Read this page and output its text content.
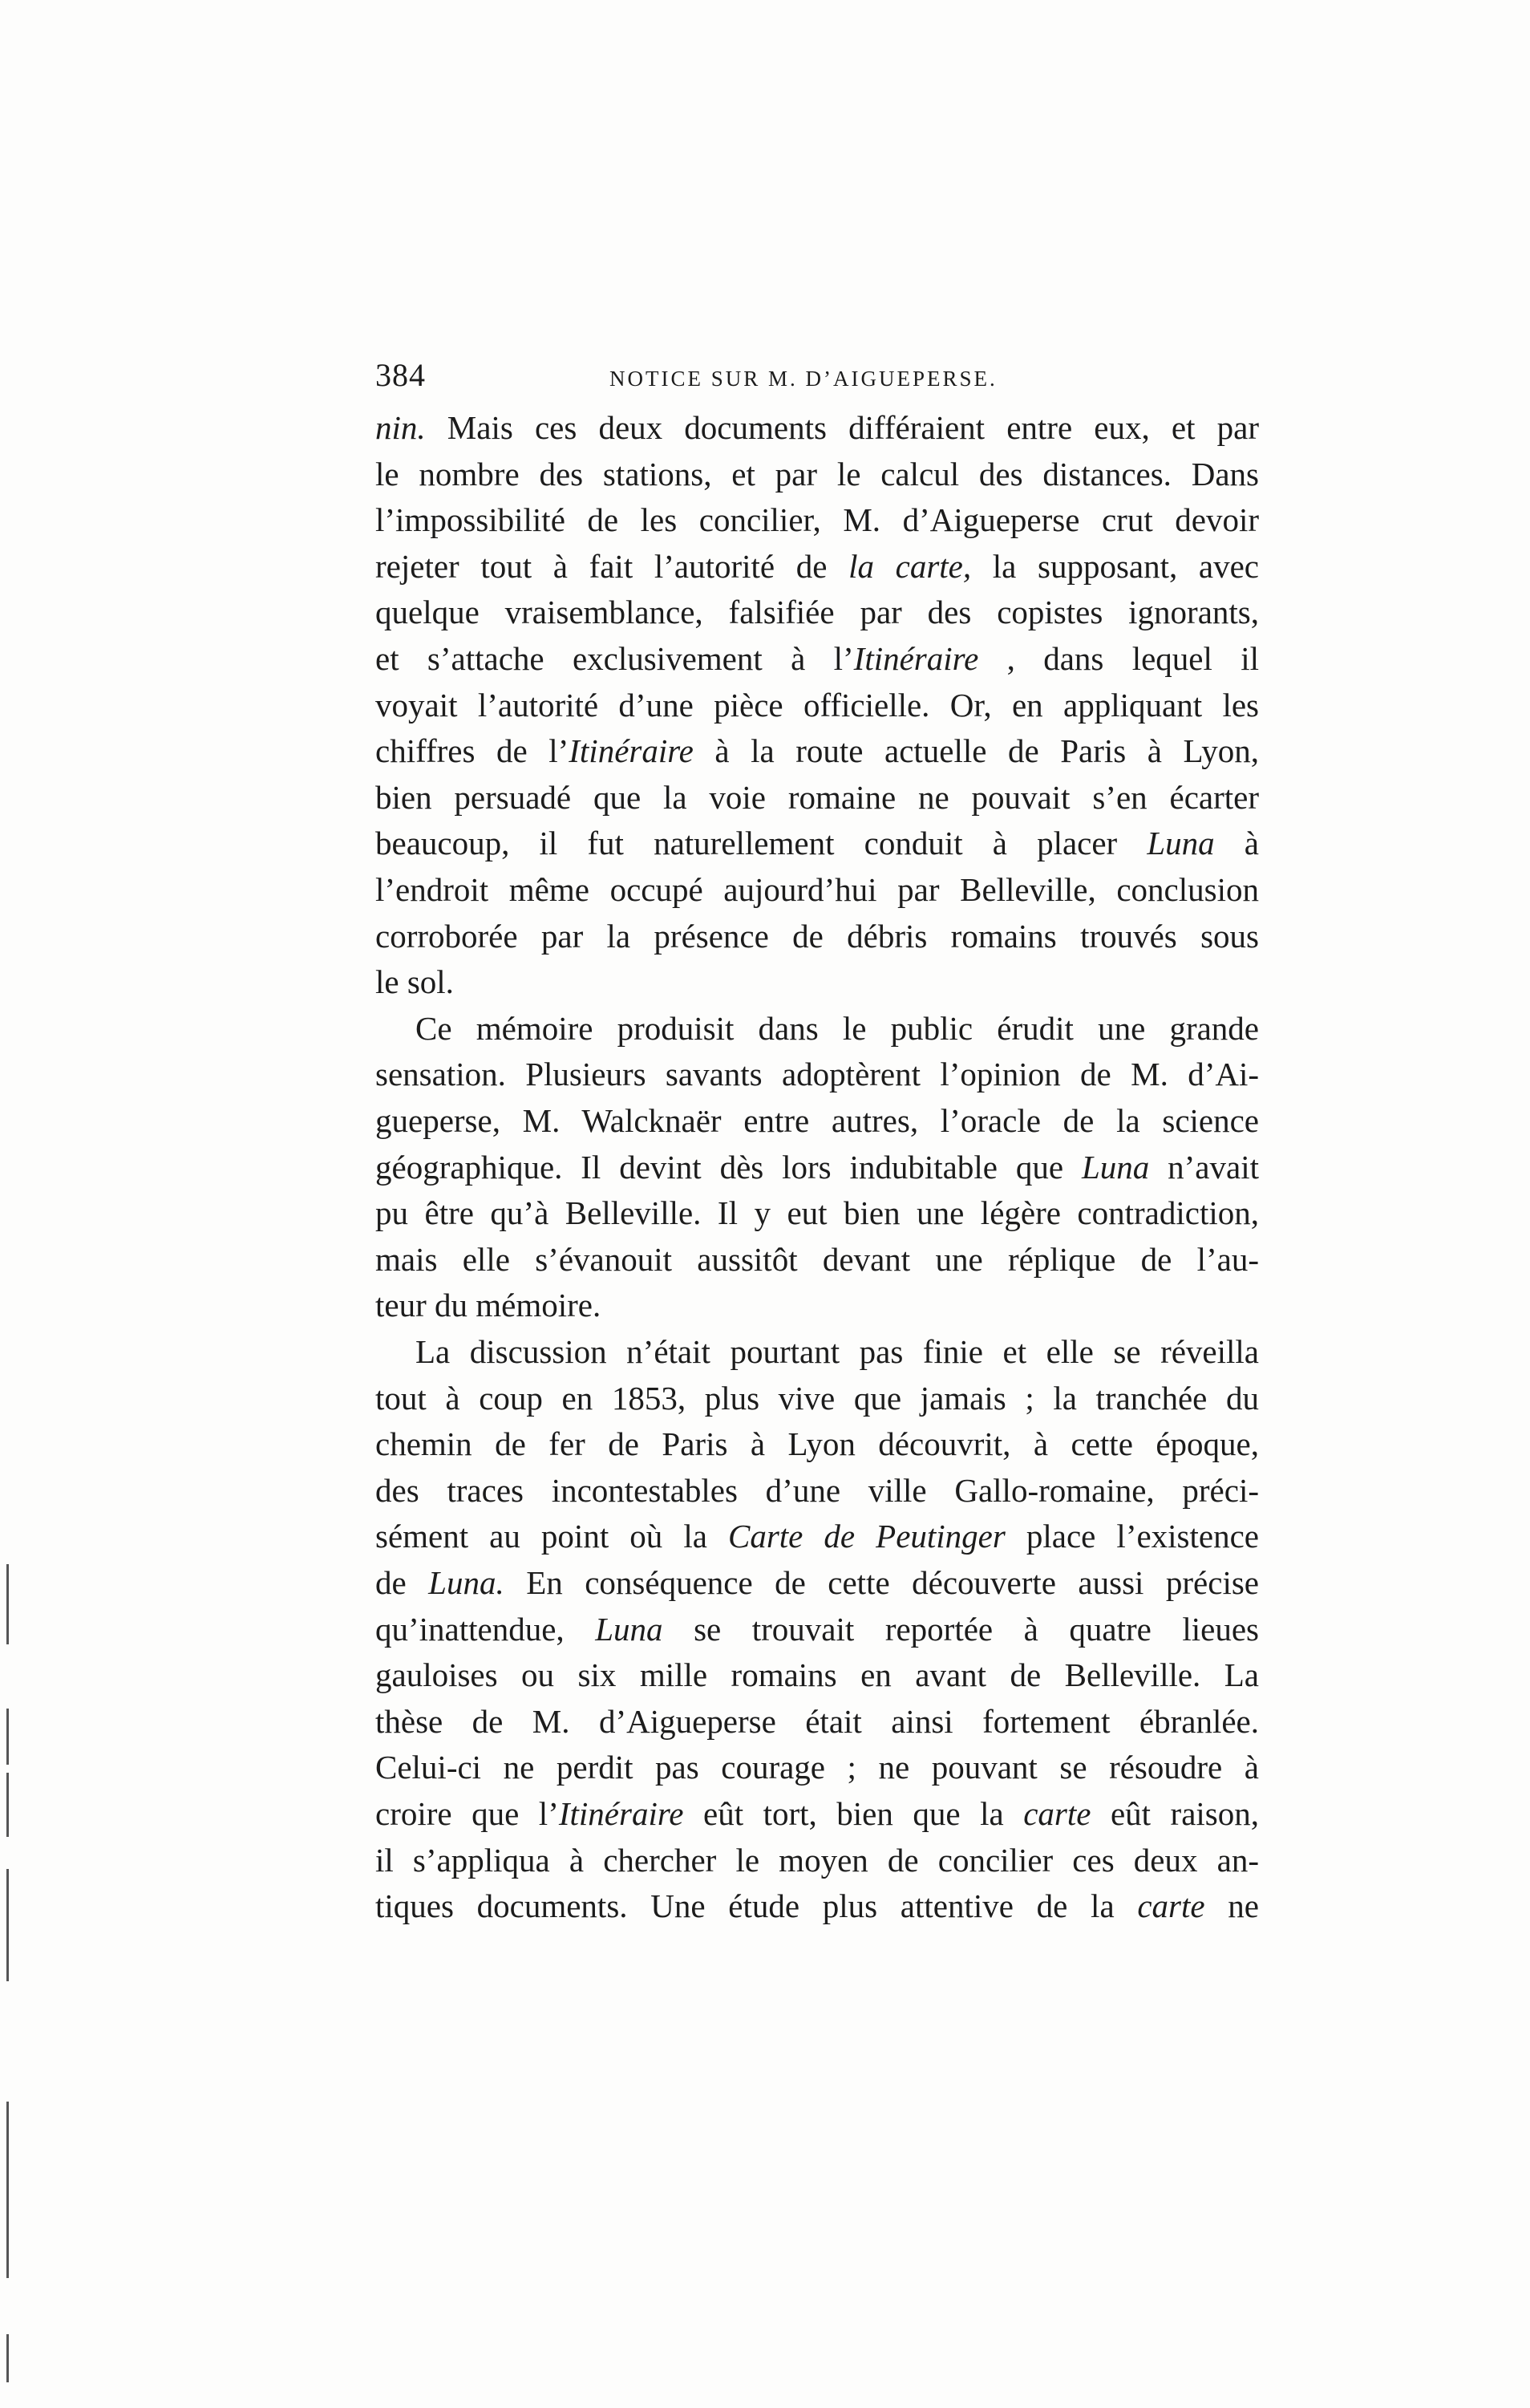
384	NOTICE SUR M. D’AIGUEPERSE.
nin. Mais ces deux documents différaient entre eux, et par
le nombre des stations, et par le calcul des distances. Dans
l’impossibilité de les concilier, M. d’Aigueperse crut devoir
rejeter tout à fait l’autorité de la carte, la supposant, avec
quelque vraisemblance, falsifiée par des copistes ignorants,
et s’attache exclusivement à l’Itinéraire , dans lequel il
voyait l’autorité d’une pièce officielle. Or, en appliquant les
chiffres de l’Itinéraire à la route actuelle de Paris à Lyon,
bien persuadé que la voie romaine ne pouvait s’en écarter
beaucoup, il fut naturellement conduit à placer Luna à
l’endroit même occupé aujourd’hui par Belleville, conclusion
corroborée par la présence de débris romains trouvés sous
le sol.
Ce mémoire produisit dans le public érudit une grande
sensation. Plusieurs savants adoptèrent l’opinion de M. d’Ai-
gueperse, M. Walcknaër entre autres, l’oracle de la science
géographique. Il devint dès lors indubitable que Luna n’avait
pu être qu’à Belleville. Il y eut bien une légère contradiction,
mais elle s’évanouit aussitôt devant une réplique de l’au-
teur du mémoire.
La discussion n’était pourtant pas finie et elle se réveilla
tout à coup en 1853, plus vive que jamais ; la tranchée du
chemin de fer de Paris à Lyon découvrit, à cette époque,
des traces incontestables d’une ville Gallo-romaine, préci-
sément au point où la Carte de Peutinger place l’existence
de Luna. En conséquence de cette découverte aussi précise
qu’inattendue, Luna se trouvait reportée à quatre lieues
gauloises ou six mille romains en avant de Belleville. La
thèse de M. d’Aigueperse était ainsi fortement ébranlée.
Celui-ci ne perdit pas courage ; ne pouvant se résoudre à
croire que l’Itinéraire eût tort, bien que la carte eût raison,
il s’appliqua à chercher le moyen de concilier ces deux an-
tiques documents. Une étude plus attentive de la carte ne
